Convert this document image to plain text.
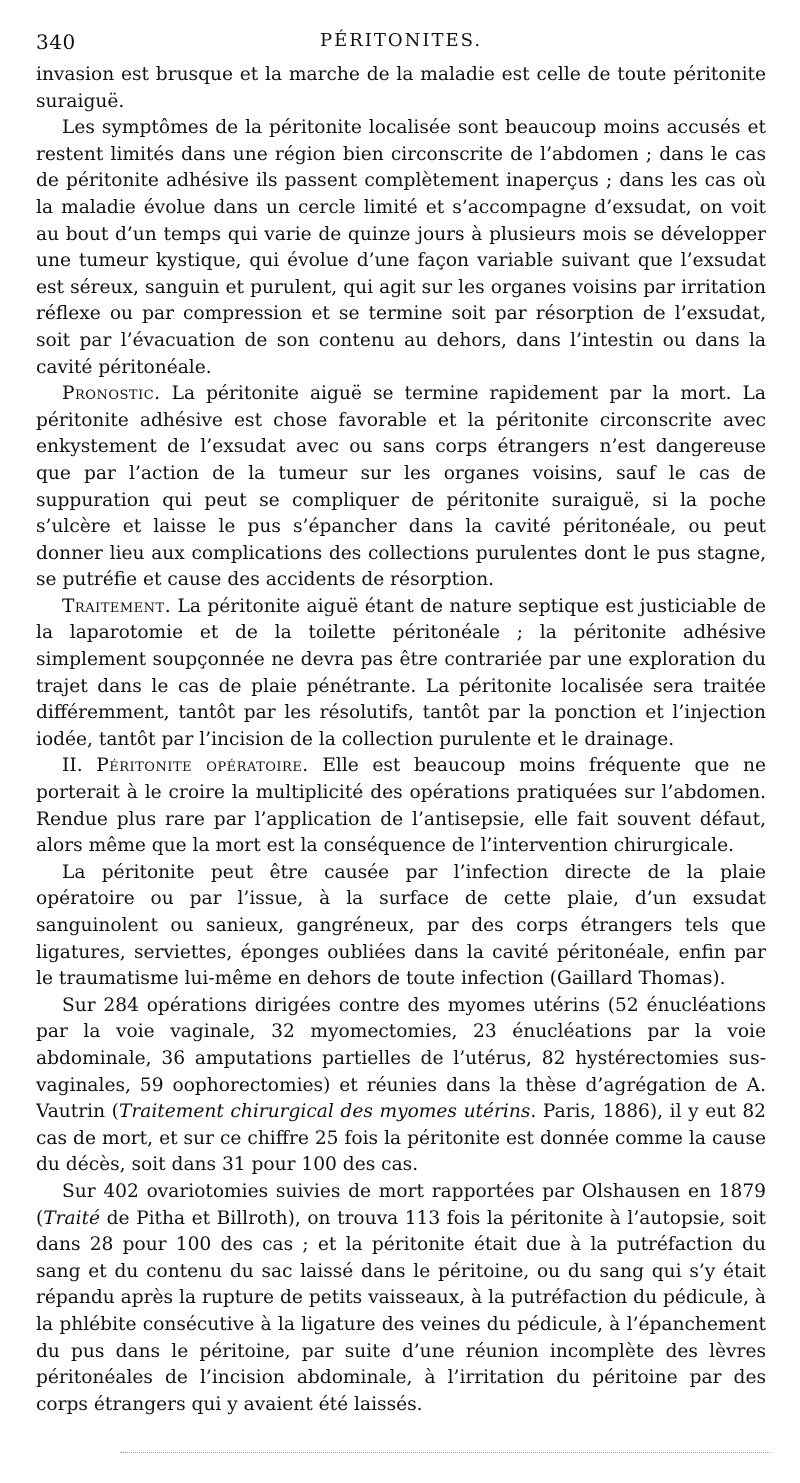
340	PÉRITONITES.

invasion est brusque et la marche de la maladie est celle de toute péritonite suraiguë.

Les symptômes de la péritonite localisée sont beaucoup moins accusés et restent limités dans une région bien circonscrite de l’abdomen ; dans le cas de péritonite adhésive ils passent complètement inaperçus ; dans les cas où la maladie évolue dans un cercle limité et s’accompagne d’exsudat, on voit au bout d’un temps qui varie de quinze jours à plusieurs mois se développer une tumeur kystique, qui évolue d’une façon variable suivant que l’exsudat est séreux, sanguin et purulent, qui agit sur les organes voisins par irritation réflexe ou par compression et se termine soit par résorption de l’exsudat, soit par l’évacuation de son contenu au dehors, dans l’intestin ou dans la cavité péritonéale.

Pronostic. La péritonite aiguë se termine rapidement par la mort. La péritonite adhésive est chose favorable et la péritonite circonscrite avec enkystement de l’exsudat avec ou sans corps étrangers n’est dangereuse que par l’action de la tumeur sur les organes voisins, sauf le cas de suppuration qui peut se compliquer de péritonite suraiguë, si la poche s’ulcère et laisse le pus s’épancher dans la cavité péritonéale, ou peut donner lieu aux complications des collections purulentes dont le pus stagne, se putréfie et cause des accidents de résorption.

Traitement. La péritonite aiguë étant de nature septique est justiciable de la laparotomie et de la toilette péritonéale ; la péritonite adhésive simplement soupçonnée ne devra pas être contrariée par une exploration du trajet dans le cas de plaie pénétrante. La péritonite localisée sera traitée différemment, tantôt par les résolutifs, tantôt par la ponction et l’injection iodée, tantôt par l’incision de la collection purulente et le drainage.

II. Péritonite opératoire. Elle est beaucoup moins fréquente que ne porterait à le croire la multiplicité des opérations pratiquées sur l’abdomen. Rendue plus rare par l’application de l’antisepsie, elle fait souvent défaut, alors même que la mort est la conséquence de l’intervention chirurgicale.

La péritonite peut être causée par l’infection directe de la plaie opératoire ou par l’issue, à la surface de cette plaie, d’un exsudat sanguinolent ou sanieux, gangréneux, par des corps étrangers tels que ligatures, serviettes, éponges oubliées dans la cavité péritonéale, enfin par le traumatisme lui-même en dehors de toute infection (Gaillard Thomas).

Sur 284 opérations dirigées contre des myomes utérins (52 énucléations par la voie vaginale, 32 myomectomies, 23 énucléations par la voie abdominale, 36 amputations partielles de l’utérus, 82 hystérectomies sus-vaginales, 59 oophorectomies) et réunies dans la thèse d’agrégation de A. Vautrin (Traitement chirurgical des myomes utérins. Paris, 1886), il y eut 82 cas de mort, et sur ce chiffre 25 fois la péritonite est donnée comme la cause du décès, soit dans 31 pour 100 des cas.

Sur 402 ovariotomies suivies de mort rapportées par Olshausen en 1879 (Traité de Pitha et Billroth), on trouva 113 fois la péritonite à l’autopsie, soit dans 28 pour 100 des cas ; et la péritonite était due à la putréfaction du sang et du contenu du sac laissé dans le péritoine, ou du sang qui s’y était répandu après la rupture de petits vaisseaux, à la putréfaction du pédicule, à la phlébite consécutive à la ligature des veines du pédicule, à l’épanchement du pus dans le péritoine, par suite d’une réunion incomplète des lèvres péritonéales de l’incision abdominale, à l’irritation du péritoine par des corps étrangers qui y avaient été laissés.
